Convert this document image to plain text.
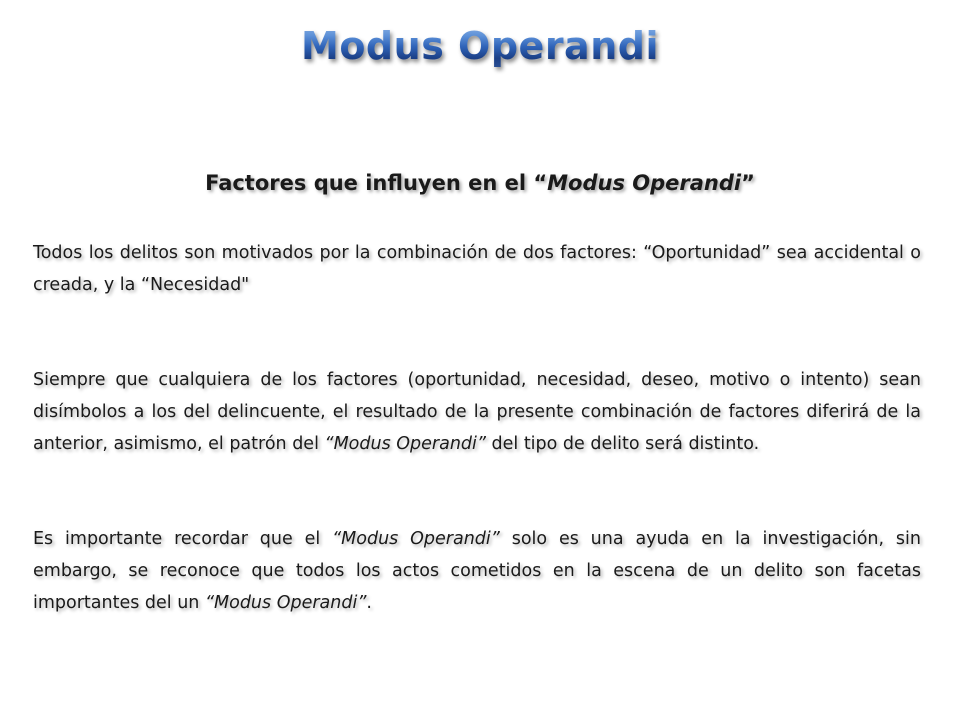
Modus Operandi
Factores que influyen en el “Modus Operandi”
Todos los delitos son motivados por la combinación de dos factores: “Oportunidad” sea accidental o creada, y la “Necesidad"
Siempre que cualquiera de los factores (oportunidad, necesidad, deseo, motivo o intento) sean disímbolos a los del delincuente, el resultado de la presente combinación de factores diferirá de la anterior, asimismo, el patrón del “Modus Operandi” del tipo de delito será distinto.
Es importante recordar que el “Modus Operandi” solo es una ayuda en la investigación, sin embargo, se reconoce que todos los actos cometidos en la escena de un delito son facetas importantes del un “Modus Operandi”.
